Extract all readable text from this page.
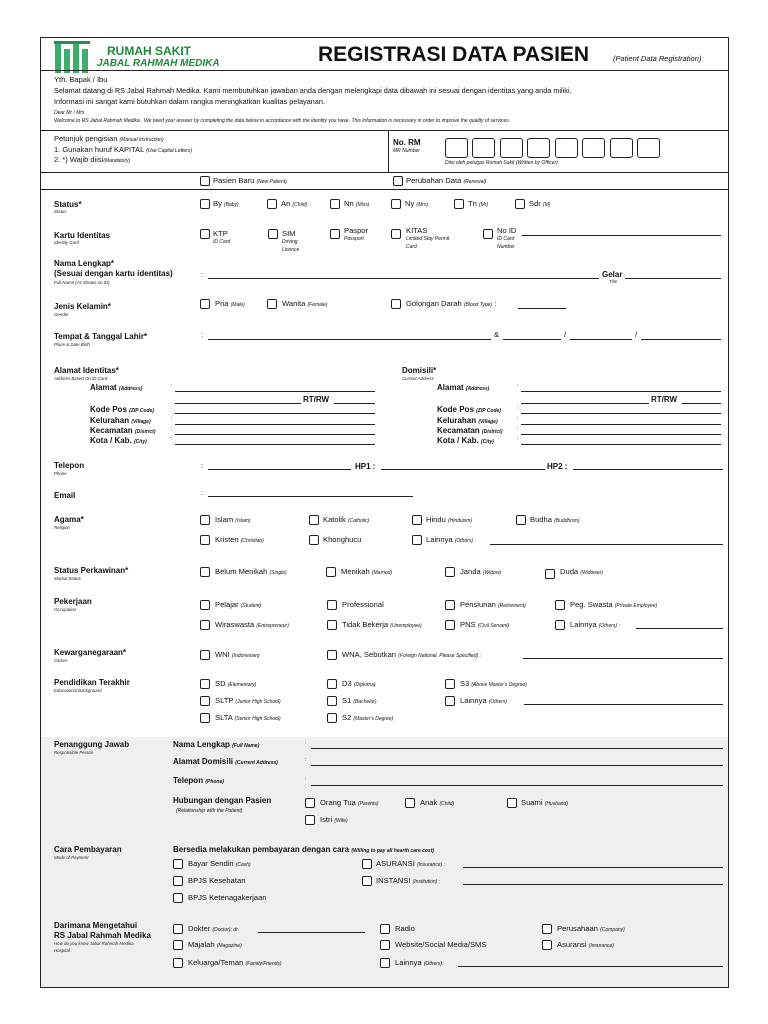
RUMAH SAKIT
JABAL RAHMAH MEDIKA	REGISTRASI DATA PASIEN	(Patient Data Registration)
Yth. Bapak / Ibu
Selamat datang di RS Jabal Rahmah Medika. Kami membutuhkan jawaban anda dengan melengkapi data dibawah ini sesuai dengan identitas yang anda miliki.
Informasi ini sangat kami butuhkan dalam rangka meningkatkan kualitas pelayanan.
Dear Mr / Mrs
Welcome to RS Jabal Rahmah Medika . We need your answer by completing the data below in accordance with the identity you have. This information is necessary in order to improve the quality of services.
Petunjuk pengisian (Manual Instruction)
1. Gunakan huruf KAPITAL (Use Capital Letters)
2. *) Wajib diisi(Mandatory)
No. RM
MR Number
Diisi oleh petugas Rumah Sakit (Written by Officer)
Pasien Baru (New Patient)	Perubahan Data (Renewal)
Status*
Status
By (Baby)	An (Child)	Nn (Miss)	Ny (Mrs)	Tn (Mr)	Sdr (M)
Kartu Identitas
Identity Card
KTP
ID Card
SIM
Driving
Licence
Paspor
Passport
KITAS
Limited Stay Permit
Card
No ID
ID Card
Number
Nama Lengkap*
(Sesuai dengan kartu identitas)
Full Name (As Shown on ID)
:	Gelar
Title
Jenis Kelamin*
Gender
Pria (Male)	Wanita (Female)	Golongan Darah (Blood Type) :
Tempat & Tanggal Lahir*
Place & Date Birth
:	&	/	/
Alamat Identitas*
Address Based On ID Card
Domisili*
Current Address
Alamat (Address)	:
RT/RW
Kode Pos (ZIP Code)	:
Kelurahan (Village)	:
Kecamatan (District)	:
Kota / Kab. (City)	:
Alamat (Address)	:
RT/RW
Kode Pos (ZIP Code)	:
Kelurahan (Village)	:
Kecamatan (District)	:
Kota / Kab. (City)	:
Telepon
Phone
:	HP1 :	HP2 :
Email	:
Agama*
Religion
Islam (Islam)	Katolik (Catholic)	Hindu (Hinduism)	Budha (Buddhism)
Kristen (Christian)	Khonghucu	Lainnya (Others) :
Status Perkawinan*
Marital Status
Belum Menikah (Single)	Menikah (Married)	Janda (Widow)	Duda (Widower)
Pekerjaan
Occupation
Pelajar (Student)	Professional	Pensiunan (Retirement)	Peg. Swasta (Private Employee)
Wiraswasta (Entrepreneur)	Tidak Bekerja (Unemployee)	PNS (Civil Servant)	Lainnya (Others) :
Kewarganegaraan*
Citizen
WNI (Indonesian)	WNA, Sebutkan (Foreign National, Please Specified) :
Pendidikan Terakhir
Educational Background
SD (Elementary)	D3 (Diploma)	S3 (Above Master's Degree)
SLTP (Junior High School)	S1 (Bachelor)	Lainnya (Others) :
SLTA (Senior High School)	S2 (Master's Degree)
Penanggung Jawab
Responsible Person
Nama Lengkap (Full Name)	:
Alamat Domisili (Current Address)	:
Telepon (Phone)	:
Hubungan dengan Pasien
(Relationship with the Patient)
Orang Tua (Parents)	Anak (Child)	Suami (Husband)
Istri (Wife)
Cara Pembayaran
Mode of Payment
Bersedia melakukan pembayaran dengan cara (Willing to pay all hearth care cost)
Bayar Sendiri (Cash)	ASURANSI (Insurance) :
BPJS Kesehatan	INSTANSI (Institution) :
BPJS Ketenagakerjaan
Darimana Mengetahui
RS Jabal Rahmah Medika
How do you know Jabal Rahmah Medika
Hospital
Dokter (Doctor): dr.	Radio	Perusahaan (Company)
Majalah (Magazine)	Website/Social Media/SMS	Asuransi (Insurance)
Keluarga/Teman (Family/Friends)	Lainnya (Others):
